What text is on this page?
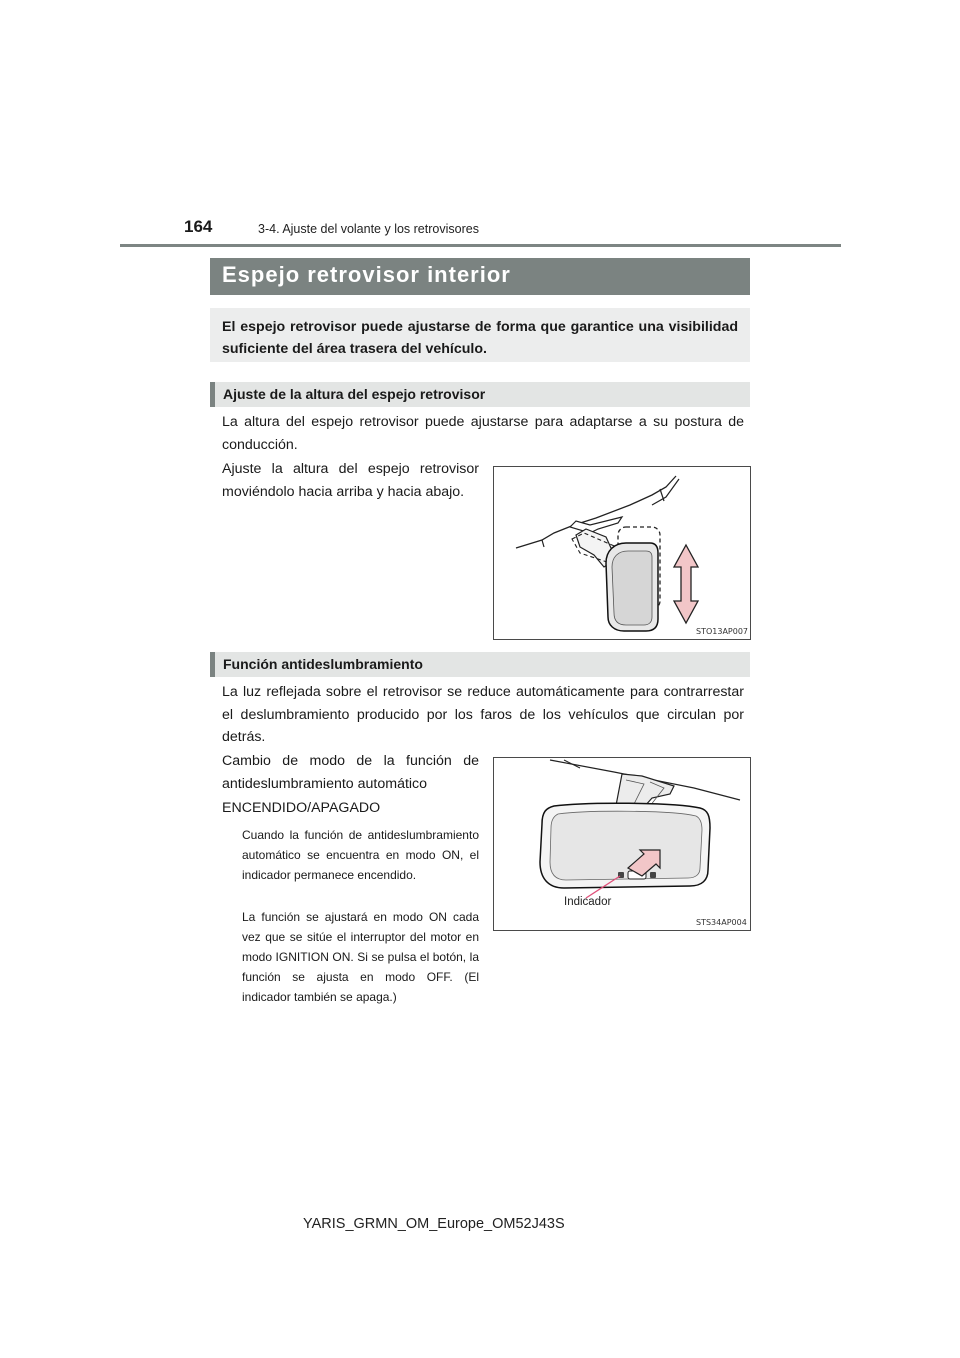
164	3-4. Ajuste del volante y los retrovisores
Espejo retrovisor interior
El espejo retrovisor puede ajustarse de forma que garantice una visibilidad suficiente del área trasera del vehículo.
Ajuste de la altura del espejo retrovisor
La altura del espejo retrovisor puede ajustarse para adaptarse a su postura de conducción.
Ajuste la altura del espejo retrovisor moviéndolo hacia arriba y hacia abajo.
STO13AP007
Función antideslumbramiento
La luz reflejada sobre el retrovisor se reduce automáticamente para contrarrestar el deslumbramiento producido por los faros de los vehículos que circulan por detrás.
Cambio de modo de la función de antideslumbramiento automático
ENCENDIDO/APAGADO
Cuando la función de antideslumbramiento automático se encuentra en modo ON, el indicador permanece encendido.
La función se ajustará en modo ON cada vez que se sitúe el interruptor del motor en modo IGNITION ON. Si se pulsa el botón, la función se ajusta en modo OFF. (El indicador también se apaga.)
Indicador
STS34AP004
YARIS_GRMN_OM_Europe_OM52J43S
